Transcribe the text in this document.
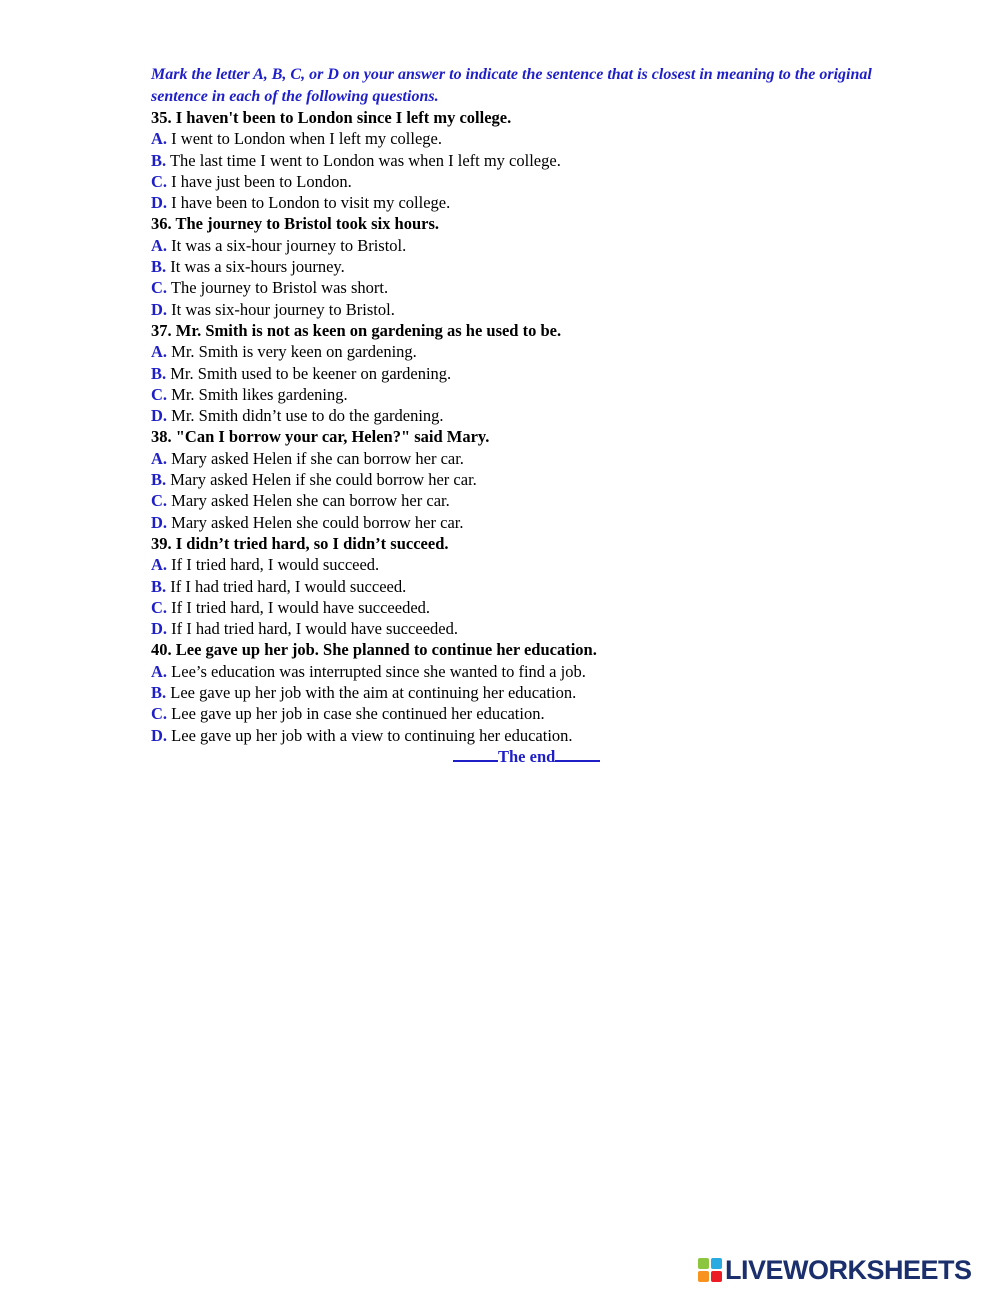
Mark the letter A, B, C, or D on your answer to indicate the sentence that is closest in meaning to the original sentence in each of the following questions.

35. I haven't been to London since I left my college.
A. I went to London when I left my college.
B. The last time I went to London was when I left my college.
C. I have just been to London.
D. I have been to London to visit my college.
36. The journey to Bristol took six hours.
A. It was a six-hour journey to Bristol.
B. It was a six-hours journey.
C. The journey to Bristol was short.
D. It was six-hour journey to Bristol.
37. Mr. Smith is not as keen on gardening as he used to be.
A. Mr. Smith is very keen on gardening.
B. Mr. Smith used to be keener on gardening.
C. Mr. Smith likes gardening.
D. Mr. Smith didn’t use to do the gardening.
38. "Can I borrow your car, Helen?" said Mary.
A. Mary asked Helen if she can borrow her car.
B. Mary asked Helen if she could borrow her car.
C. Mary asked Helen she can borrow her car.
D. Mary asked Helen she could borrow her car.
39. I didn’t tried hard, so I didn’t succeed.
A. If I tried hard, I would succeed.
B. If I had tried hard, I would succeed.
C. If I tried hard, I would have succeeded.
D. If I had tried hard, I would have succeeded.
40. Lee gave up her job. She planned to continue her education.
A. Lee’s education was interrupted since she wanted to find a job.
B. Lee gave up her job with the aim at continuing her education.
C. Lee gave up her job in case she continued her education.
D. Lee gave up her job with a view to continuing her education.
The end
LIVEWORKSHEETS
